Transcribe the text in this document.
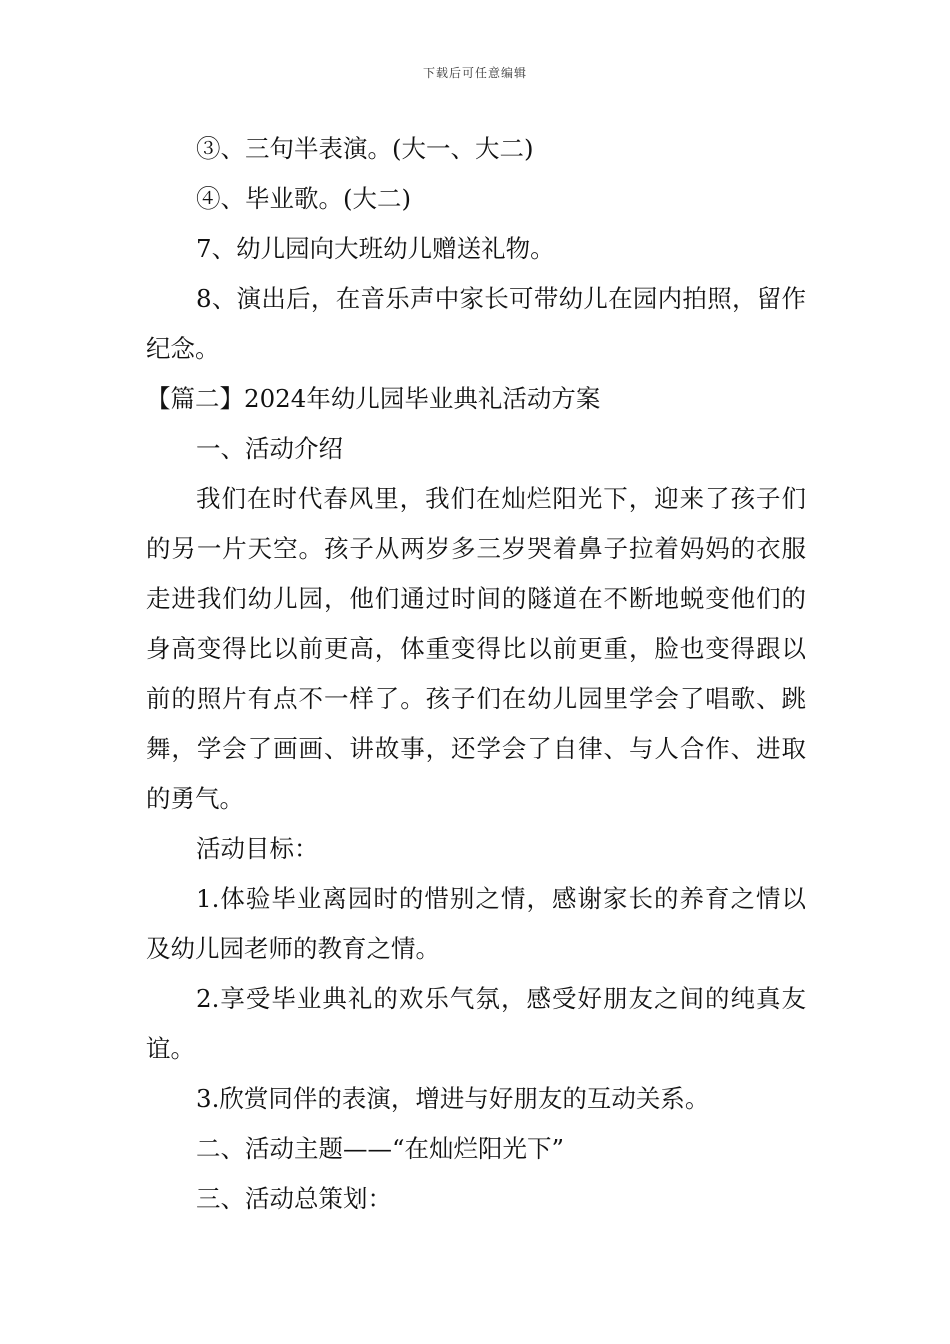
下载后可任意编辑

③、三句半表演。(大一、大二)

④、毕业歌。(大二)

7、幼儿园向大班幼儿赠送礼物。

8、演出后，在音乐声中家长可带幼儿在园内拍照，留作纪念。

【篇二】2024年幼儿园毕业典礼活动方案

一、活动介绍

我们在时代春风里，我们在灿烂阳光下，迎来了孩子们的另一片天空。孩子从两岁多三岁哭着鼻子拉着妈妈的衣服走进我们幼儿园，他们通过时间的隧道在不断地蜕变他们的身高变得比以前更高，体重变得比以前更重，脸也变得跟以前的照片有点不一样了。孩子们在幼儿园里学会了唱歌、跳舞，学会了画画、讲故事，还学会了自律、与人合作、进取的勇气。

活动目标：

1.体验毕业离园时的惜别之情，感谢家长的养育之情以及幼儿园老师的教育之情。

2.享受毕业典礼的欢乐气氛，感受好朋友之间的纯真友谊。

3.欣赏同伴的表演，增进与好朋友的互动关系。

二、活动主题——“在灿烂阳光下”

三、活动总策划：
